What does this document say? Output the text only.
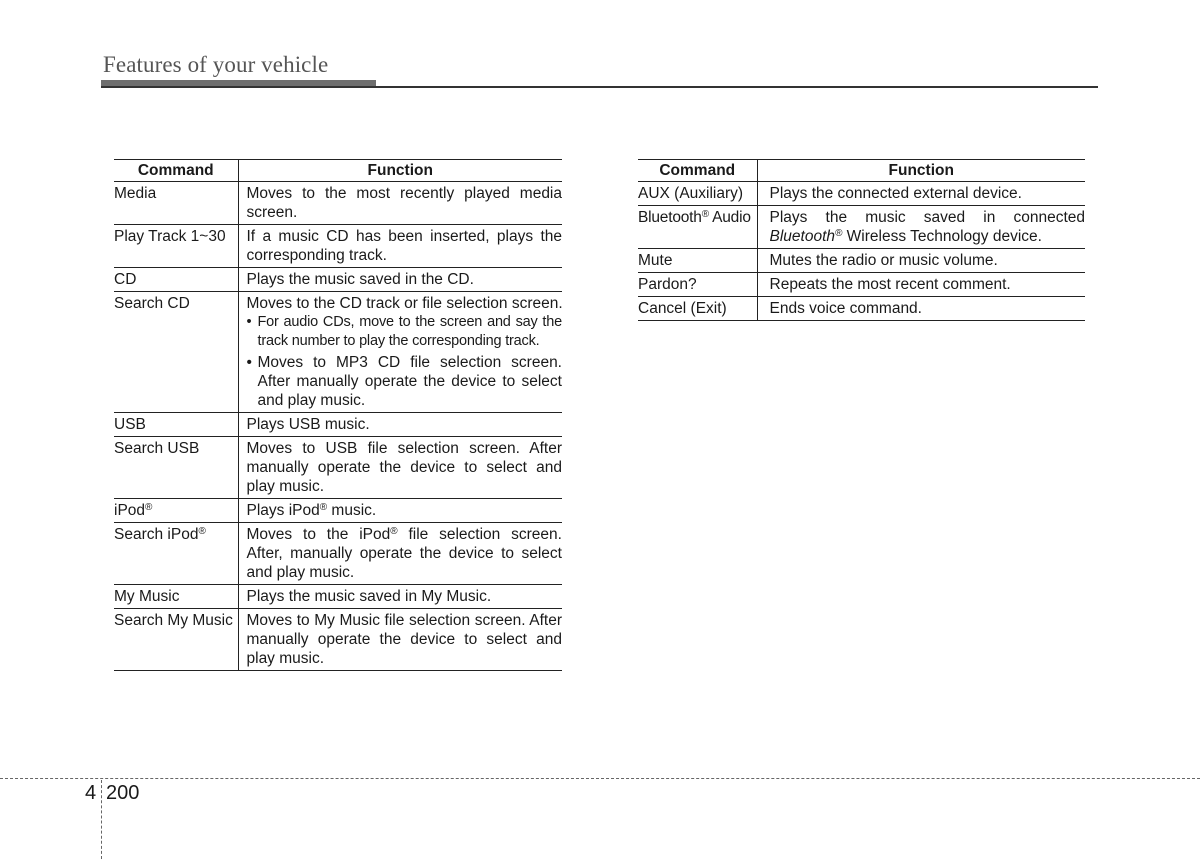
Features of your vehicle
Command	Function
Media	Moves to the most recently played media screen.
Play Track 1~30	If a music CD has been inserted, plays the corresponding track.
CD	Plays the music saved in the CD.
Search CD	Moves to the CD track or file selection screen.
• For audio CDs, move to the screen and say the track number to play the corresponding track.
• Moves to MP3 CD file selection screen. After manually operate the device to select and play music.

USB	Plays USB music.
Search USB	Moves to USB file selection screen. After manually operate the device to select and play music.
iPod®	Plays iPod® music.
Search iPod®	Moves to the iPod® file selection screen. After, manually operate the device to select and play music.
My Music	Plays the music saved in My Music.
Search My Music	Moves to My Music file selection screen. After manually operate the device to select and play music.
Command	Function
AUX (Auxiliary)	Plays the connected external device.
Bluetooth® Audio	Plays the music saved in connected Bluetooth® Wireless Technology device.
Mute	Mutes the radio or music volume.
Pardon?	Repeats the most recent comment.
Cancel (Exit)	Ends voice command.
4 200
